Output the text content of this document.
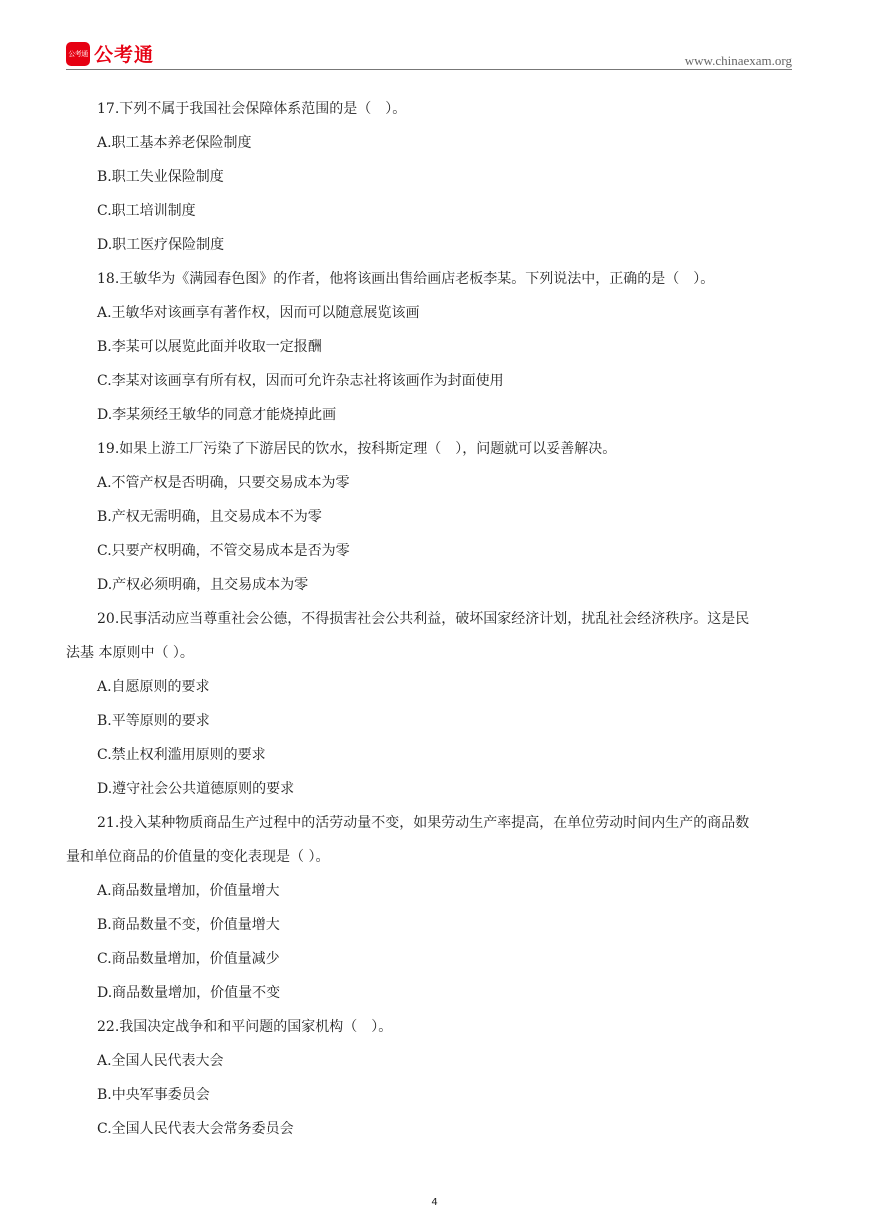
公考通 公考通	www.chinaexam.org
17.下列不属于我国社会保障体系范围的是（　）。
A.职工基本养老保险制度
B.职工失业保险制度
C.职工培训制度
D.职工医疗保险制度
18.王敏华为《满园春色图》的作者，他将该画出售给画店老板李某。下列说法中，正确的是（　）。
A.王敏华对该画享有著作权，因而可以随意展览该画
B.李某可以展览此面并收取一定报酬
C.李某对该画享有所有权，因而可允许杂志社将该画作为封面使用
D.李某须经王敏华的同意才能烧掉此画
19.如果上游工厂污染了下游居民的饮水，按科斯定理（　），问题就可以妥善解决。
A.不管产权是否明确，只要交易成本为零
B.产权无需明确，且交易成本不为零
C.只要产权明确，不管交易成本是否为零
D.产权必须明确，且交易成本为零
20.民事活动应当尊重社会公德，不得损害社会公共利益，破坏国家经济计划，扰乱社会经济秩序。这是民
法基 本原则中（ ）。
A.自愿原则的要求
B.平等原则的要求
C.禁止权利滥用原则的要求
D.遵守社会公共道德原则的要求
21.投入某种物质商品生产过程中的活劳动量不变，如果劳动生产率提高，在单位劳动时间内生产的商品数
量和单位商品的价值量的变化表现是（ ）。
A.商品数量增加，价值量增大
B.商品数量不变，价值量增大
C.商品数量增加，价值量减少
D.商品数量增加，价值量不变
22.我国决定战争和和平问题的国家机构（　）。
A.全国人民代表大会
B.中央军事委员会
C.全国人民代表大会常务委员会
4
